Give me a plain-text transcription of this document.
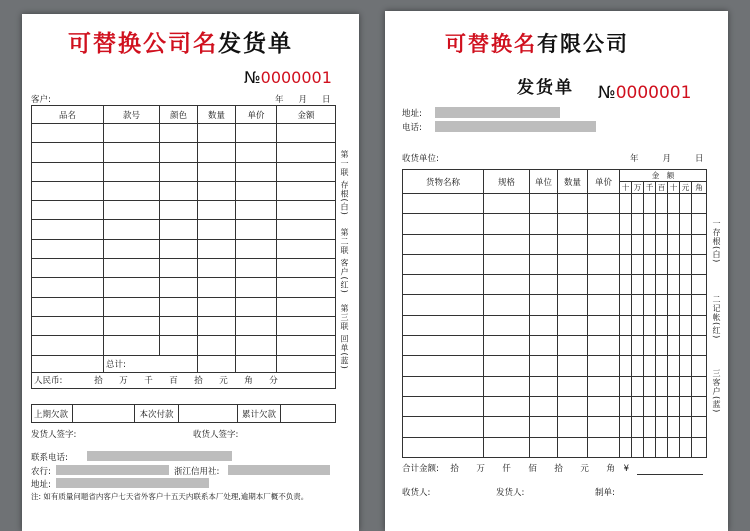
可替换公司名发货单
№0000001
客户:	年 月 日
品名	款号	颜色	数量	单价	金额

	总计:				
人民币: 拾 万 千 百 拾 元 角 分					
上期欠款		本次付款		累计欠款	
第一联 存根(白)
第二联 客户(红)
第三联 回单(蓝)
发货人签字:	收货人签字:
联系电话:
农行:	浙江信用社:
地址:
注: 如有质量问题省内客户七天省外客户十五天内联系本厂处理,逾期本厂概不负责。
可替换名有限公司
发货单 №0000001
地址:
电话:
收货单位:	年	月	日
货物名称	规格	单位	数量	单价	金　额						
					十	万	千	百	十	元	角

合计金额: 拾 万 仟 佰 拾 元 角 ¥
收货人:	发货人:	制单:
一存根(白)
二记帐(红)
三客户(蓝)
